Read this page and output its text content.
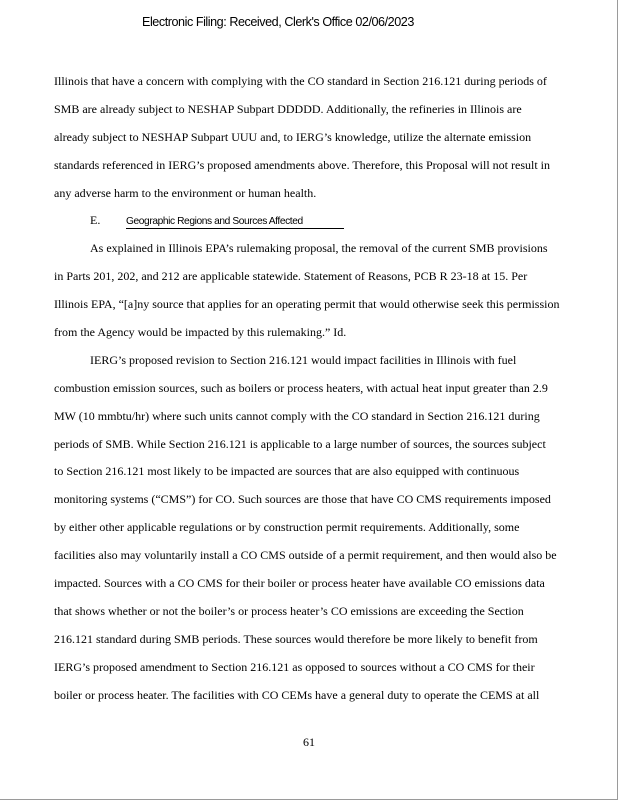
Electronic Filing: Received, Clerk's Office 02/06/2023
Illinois that have a concern with complying with the CO standard in Section 216.121 during periods of
SMB are already subject to NESHAP Subpart DDDDD. Additionally, the refineries in Illinois are
already subject to NESHAP Subpart UUU and, to IERG’s knowledge, utilize the alternate emission
standards referenced in IERG’s proposed amendments above. Therefore, this Proposal will not result in
any adverse harm to the environment or human health.
E.	Geographic Regions and Sources Affected
As explained in Illinois EPA’s rulemaking proposal, the removal of the current SMB provisions
in Parts 201, 202, and 212 are applicable statewide. Statement of Reasons, PCB R 23-18 at 15. Per
Illinois EPA, “[a]ny source that applies for an operating permit that would otherwise seek this permission
from the Agency would be impacted by this rulemaking.” Id.
IERG’s proposed revision to Section 216.121 would impact facilities in Illinois with fuel
combustion emission sources, such as boilers or process heaters, with actual heat input greater than 2.9
MW (10 mmbtu/hr) where such units cannot comply with the CO standard in Section 216.121 during
periods of SMB. While Section 216.121 is applicable to a large number of sources, the sources subject
to Section 216.121 most likely to be impacted are sources that are also equipped with continuous
monitoring systems (“CMS”) for CO. Such sources are those that have CO CMS requirements imposed
by either other applicable regulations or by construction permit requirements. Additionally, some
facilities also may voluntarily install a CO CMS outside of a permit requirement, and then would also be
impacted. Sources with a CO CMS for their boiler or process heater have available CO emissions data
that shows whether or not the boiler’s or process heater’s CO emissions are exceeding the Section
216.121 standard during SMB periods. These sources would therefore be more likely to benefit from
IERG’s proposed amendment to Section 216.121 as opposed to sources without a CO CMS for their
boiler or process heater. The facilities with CO CEMs have a general duty to operate the CEMS at all
61
